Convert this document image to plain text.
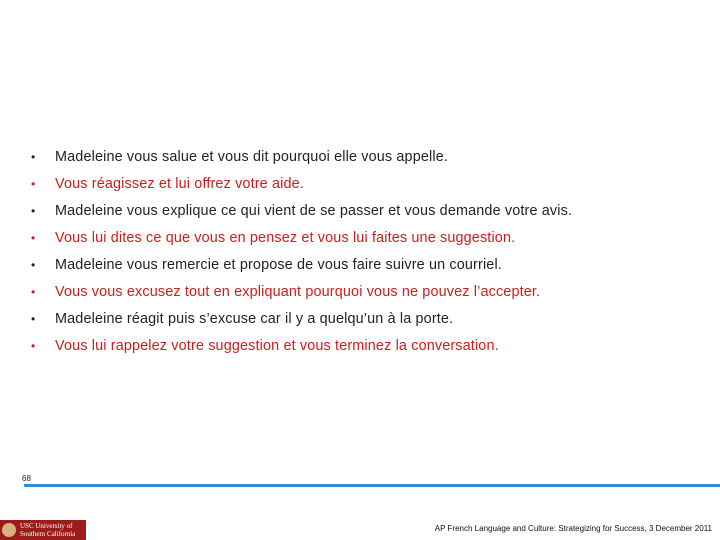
•	Madeleine vous salue et vous dit pourquoi elle vous appelle.
•	Vous réagissez et lui offrez votre aide.
•	Madeleine vous explique ce qui vient de se passer et vous demande votre avis.
•	Vous lui dites ce que vous en pensez et vous lui faites une suggestion.
•	Madeleine vous remercie et propose de vous faire suivre un courriel.
•	Vous vous excusez tout en expliquant pourquoi vous ne pouvez l’accepter.
•	Madeleine réagit puis s’excuse car il y a quelqu’un à la porte.
•	Vous lui rappelez votre suggestion et vous terminez la conversation.
68
USC University of
Southern California
AP French Language and Culture: Strategizing for Success, 3 December 2011
